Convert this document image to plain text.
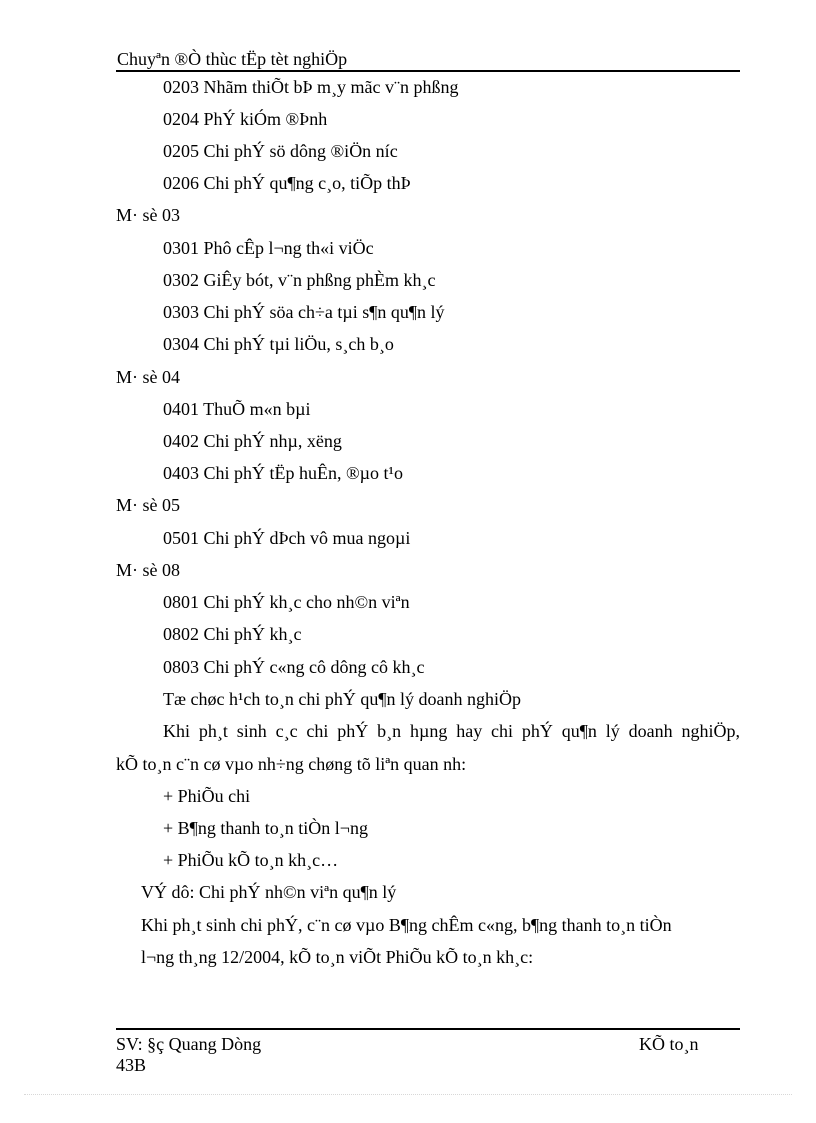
Chuyªn ®Ò thùc tËp tèt nghiÖp
0203 Nhãm thiÕt bÞ m¸y mãc v¨n phßng
0204 PhÝ kiÓm ®Þnh
0205 Chi phÝ sö dông ®iÖn níc
0206 Chi phÝ qu¶ng c¸o, tiÕp thÞ
M· sè 03
0301 Phô cÊp l¬ng th«i viÖc
0302 GiÊy bót, v¨n phßng phÈm kh¸c
0303 Chi phÝ söa ch÷a tµi s¶n qu¶n lý
0304 Chi phÝ tµi liÖu, s¸ch b¸o
M· sè 04
0401 ThuÕ m«n bµi
0402 Chi phÝ nhµ, xëng
0403 Chi phÝ tËp huÊn, ®µo t¹o
M· sè 05
0501 Chi phÝ dÞch vô mua ngoµi
M· sè 08
0801 Chi phÝ kh¸c cho nh©n viªn
0802 Chi phÝ kh¸c
0803 Chi phÝ c«ng cô dông cô kh¸c
Tæ chøc h¹ch to¸n chi phÝ qu¶n lý doanh nghiÖp
Khi ph¸t sinh c¸c chi phÝ b¸n hµng hay chi phÝ qu¶n lý doanh nghiÖp,
kÕ to¸n c¨n cø vµo nh÷ng chøng tõ liªn quan nh:
+ PhiÕu chi
+ B¶ng thanh to¸n tiÒn l¬ng
+ PhiÕu kÕ to¸n kh¸c…
VÝ dô: Chi phÝ nh©n viªn qu¶n lý
Khi ph¸t sinh chi phÝ, c¨n cø vµo B¶ng chÊm c«ng, b¶ng thanh to¸n tiÒn
l¬ng th¸ng 12/2004, kÕ to¸n viÕt PhiÕu kÕ to¸n kh¸c:
SV: §ç Quang Dòng
43B
KÕ to¸n
